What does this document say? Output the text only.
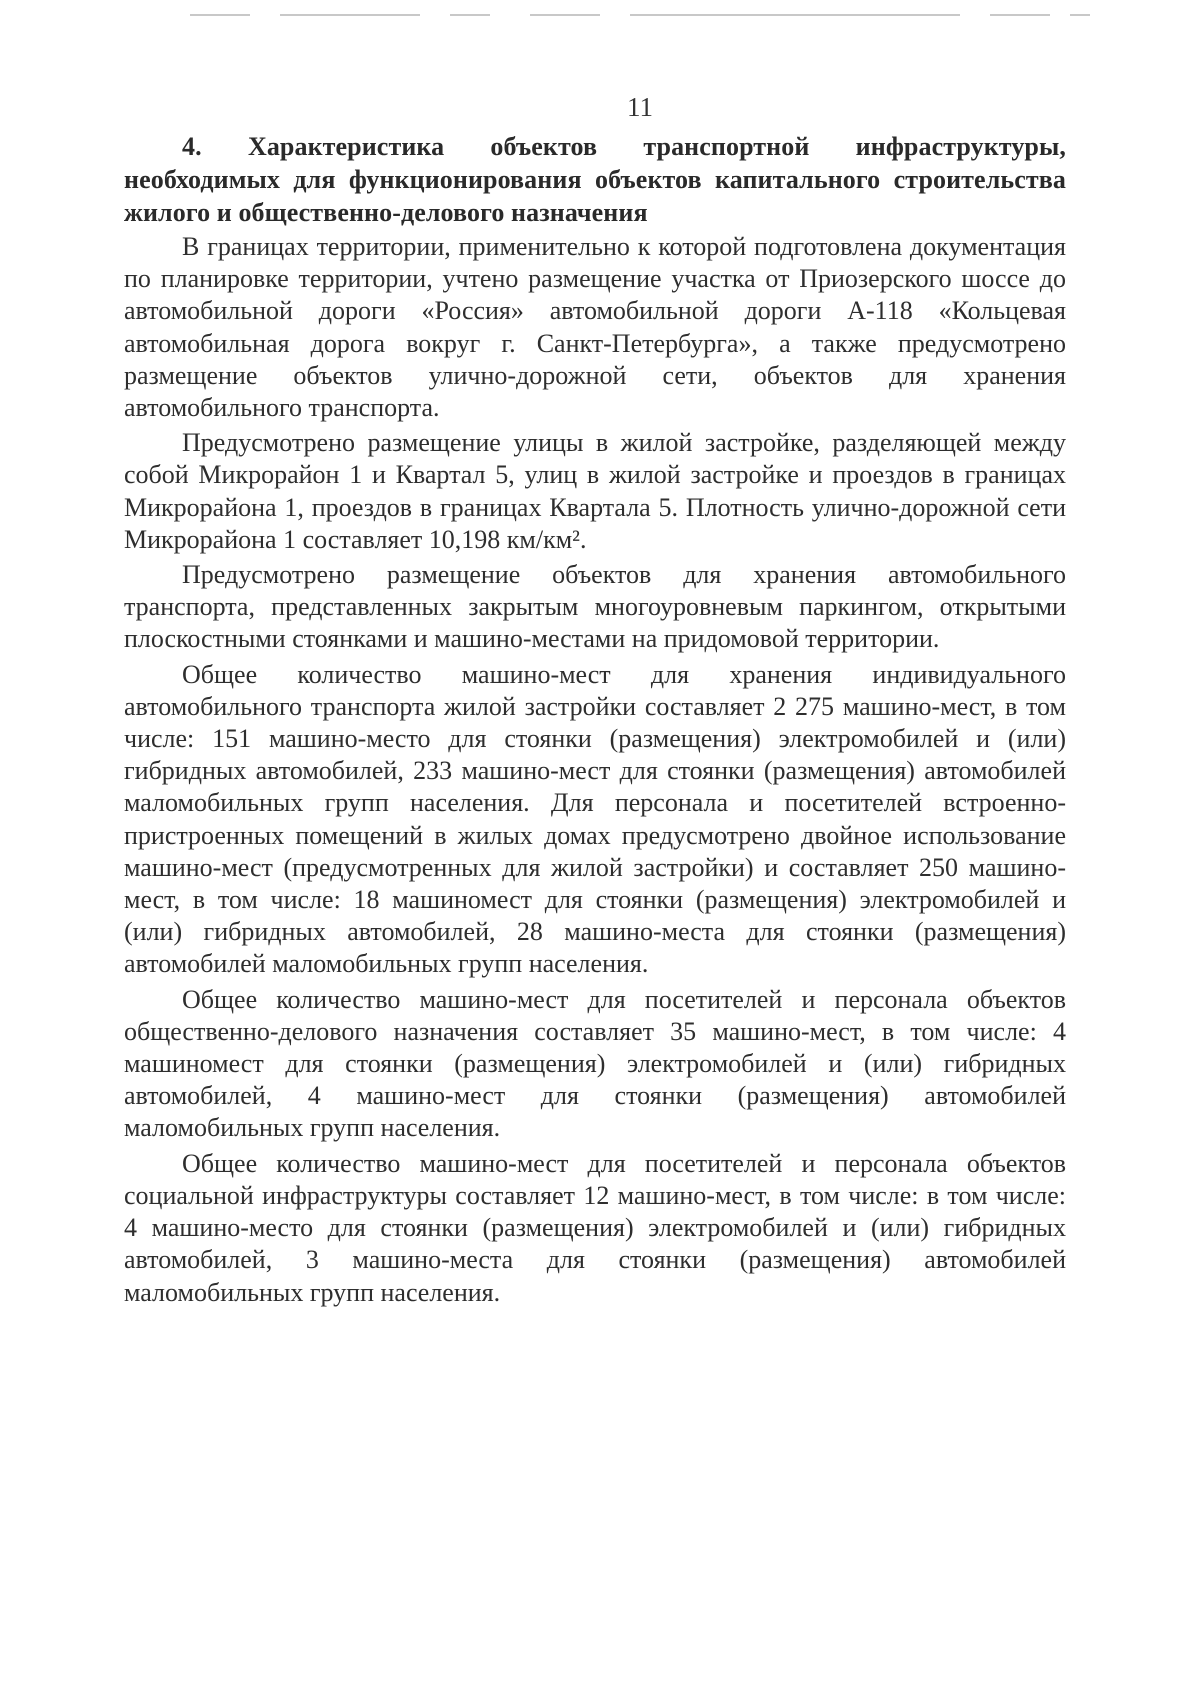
11

4. Характеристика объектов транспортной инфраструктуры, необходимых для функционирования объектов капитального строительства жилого и общественно-делового назначения

В границах территории, применительно к которой подготовлена документация по планировке территории, учтено размещение участка от Приозерского шоссе до автомобильной дороги «Россия» автомобильной дороги А-118 «Кольцевая автомобильная дорога вокруг г. Санкт-Петербурга», а также предусмотрено размещение объектов улично-дорожной сети, объектов для хранения автомобильного транспорта.

Предусмотрено размещение улицы в жилой застройке, разделяющей между собой Микрорайон 1 и Квартал 5, улиц в жилой застройке и проездов в границах Микрорайона 1, проездов в границах Квартала 5. Плотность улично-дорожной сети Микрорайона 1 составляет 10,198 км/км².

Предусмотрено размещение объектов для хранения автомобильного транспорта, представленных закрытым многоуровневым паркингом, открытыми плоскостными стоянками и машино-местами на придомовой территории.

Общее количество машино-мест для хранения индивидуального автомобильного транспорта жилой застройки составляет 2 275 машино-мест, в том числе: 151 машино-место для стоянки (размещения) электромобилей и (или) гибридных автомобилей, 233 машино-мест для стоянки (размещения) автомобилей маломобильных групп населения. Для персонала и посетителей встроенно-пристроенных помещений в жилых домах предусмотрено двойное использование машино-мест (предусмотренных для жилой застройки) и составляет 250 машино-мест, в том числе: 18 машиномест для стоянки (размещения) электромобилей и (или) гибридных автомобилей, 28 машино-места для стоянки (размещения) автомобилей маломобильных групп населения.

Общее количество машино-мест для посетителей и персонала объектов общественно-делового назначения составляет 35 машино-мест, в том числе: 4 машиномест для стоянки (размещения) электромобилей и (или) гибридных автомобилей, 4 машино-мест для стоянки (размещения) автомобилей маломобильных групп населения.

Общее количество машино-мест для посетителей и персонала объектов социальной инфраструктуры составляет 12 машино-мест, в том числе: в том числе: 4 машино-место для стоянки (размещения) электромобилей и (или) гибридных автомобилей, 3 машино-места для стоянки (размещения) автомобилей маломобильных групп населения.
